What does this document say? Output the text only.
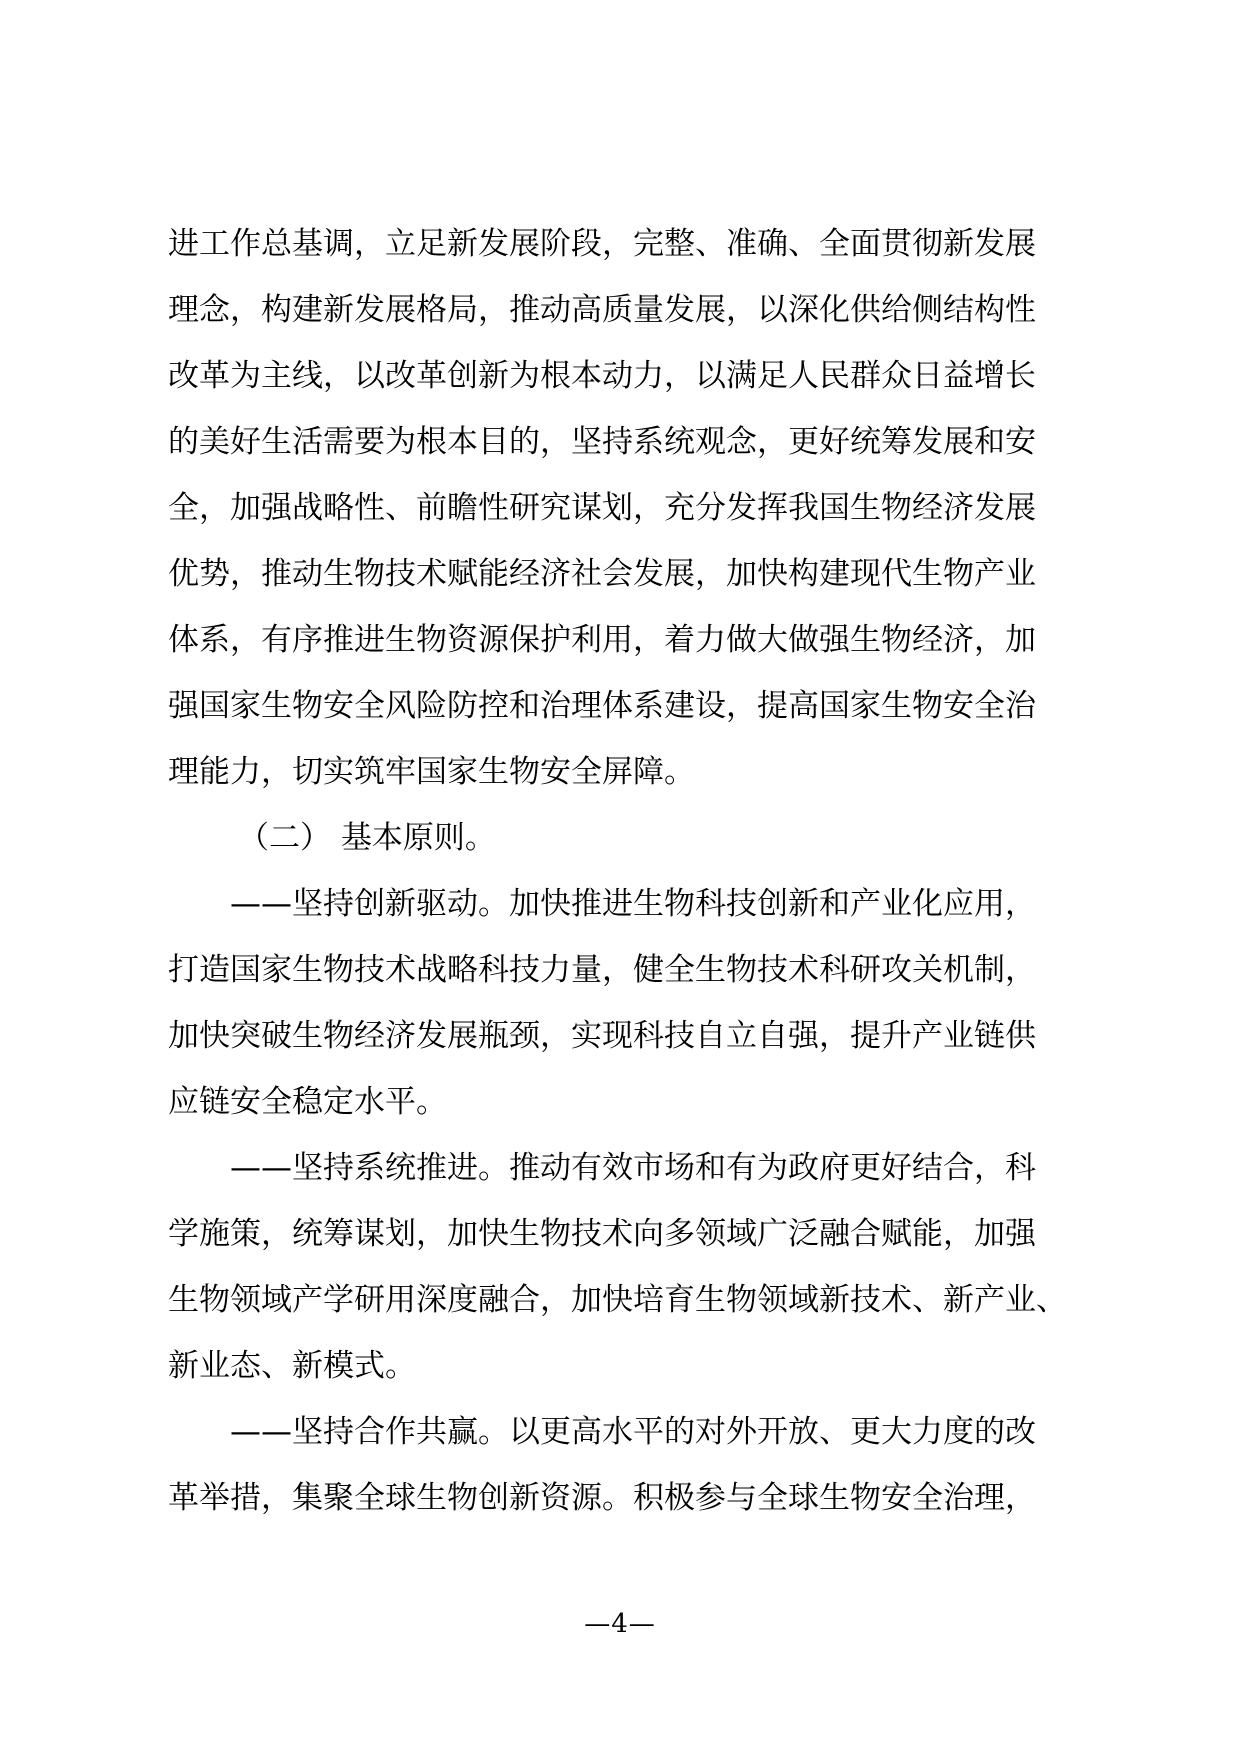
进工作总基调，立足新发展阶段，完整、准确、全面贯彻新发展
理念，构建新发展格局，推动高质量发展，以深化供给侧结构性
改革为主线，以改革创新为根本动力，以满足人民群众日益增长
的美好生活需要为根本目的，坚持系统观念，更好统筹发展和安
全，加强战略性、前瞻性研究谋划，充分发挥我国生物经济发展
优势，推动生物技术赋能经济社会发展，加快构建现代生物产业
体系，有序推进生物资源保护利用，着力做大做强生物经济，加
强国家生物安全风险防控和治理体系建设，提高国家生物安全治
理能力，切实筑牢国家生物安全屏障。
（二） 基本原则。
——坚持创新驱动。加快推进生物科技创新和产业化应用，
打造国家生物技术战略科技力量，健全生物技术科研攻关机制，
加快突破生物经济发展瓶颈，实现科技自立自强，提升产业链供
应链安全稳定水平。
——坚持系统推进。推动有效市场和有为政府更好结合，科
学施策，统筹谋划，加快生物技术向多领域广泛融合赋能，加强
生物领域产学研用深度融合，加快培育生物领域新技术、新产业、
新业态、新模式。
——坚持合作共赢。以更高水平的对外开放、更大力度的改
革举措，集聚全球生物创新资源。积极参与全球生物安全治理，
—4—
